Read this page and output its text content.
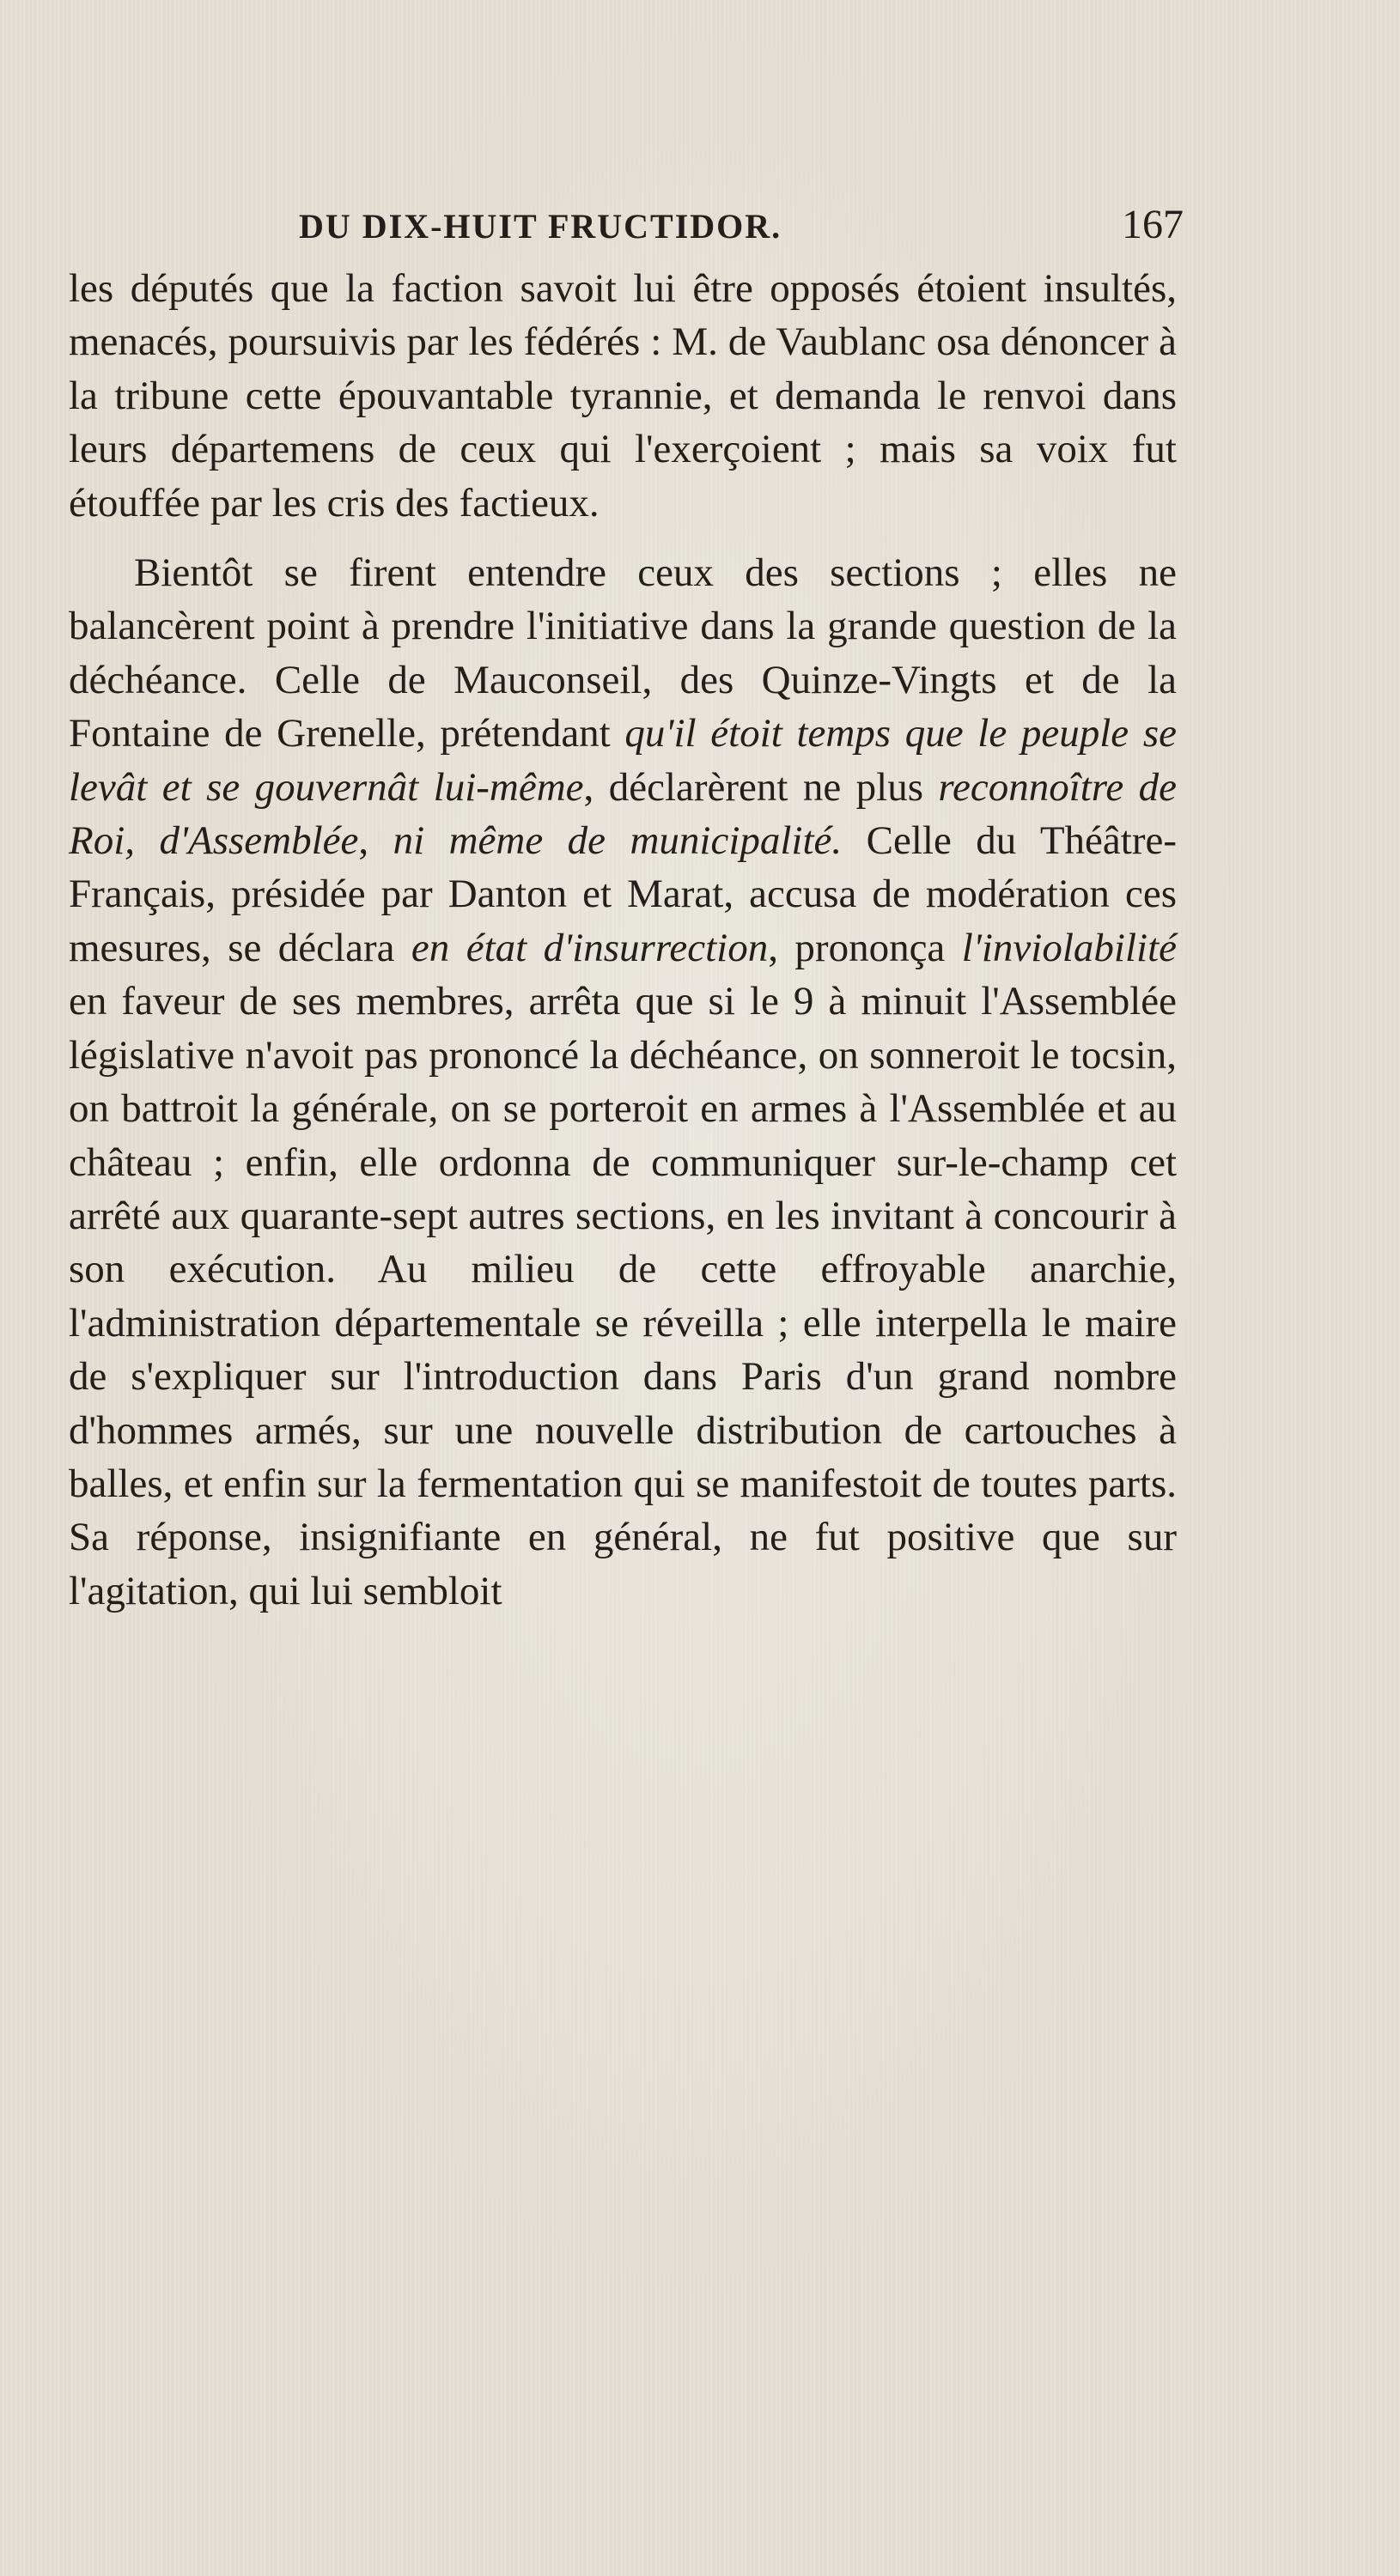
DU DIX-HUIT FRUCTIDOR.	167

les députés que la faction savoit lui être opposés étoient insultés, menacés, poursuivis par les fédérés : M. de Vaublanc osa dénoncer à la tribune cette épouvantable tyrannie, et demanda le renvoi dans leurs départemens de ceux qui l'exerçoient ; mais sa voix fut étouffée par les cris des factieux.

Bientôt se firent entendre ceux des sections ; elles ne balancèrent point à prendre l'initiative dans la grande question de la déchéance. Celle de Mauconseil, des Quinze-Vingts et de la Fontaine de Grenelle, prétendant qu'il étoit temps que le peuple se levât et se gouvernât lui-même, déclarèrent ne plus reconnoître de Roi, d'Assemblée, ni même de municipalité. Celle du Théâtre-Français, présidée par Danton et Marat, accusa de modération ces mesures, se déclara en état d'insurrection, prononça l'inviolabilité en faveur de ses membres, arrêta que si le 9 à minuit l'Assemblée législative n'avoit pas prononcé la déchéance, on sonneroit le tocsin, on battroit la générale, on se porteroit en armes à l'Assemblée et au château ; enfin, elle ordonna de communiquer sur-le-champ cet arrêté aux quarante-sept autres sections, en les invitant à concourir à son exécution. Au milieu de cette effroyable anarchie, l'administration départementale se réveilla ; elle interpella le maire de s'expliquer sur l'introduction dans Paris d'un grand nombre d'hommes armés, sur une nouvelle distribution de cartouches à balles, et enfin sur la fermentation qui se manifestoit de toutes parts. Sa réponse, insignifiante en général, ne fut positive que sur l'agitation, qui lui sembloit
